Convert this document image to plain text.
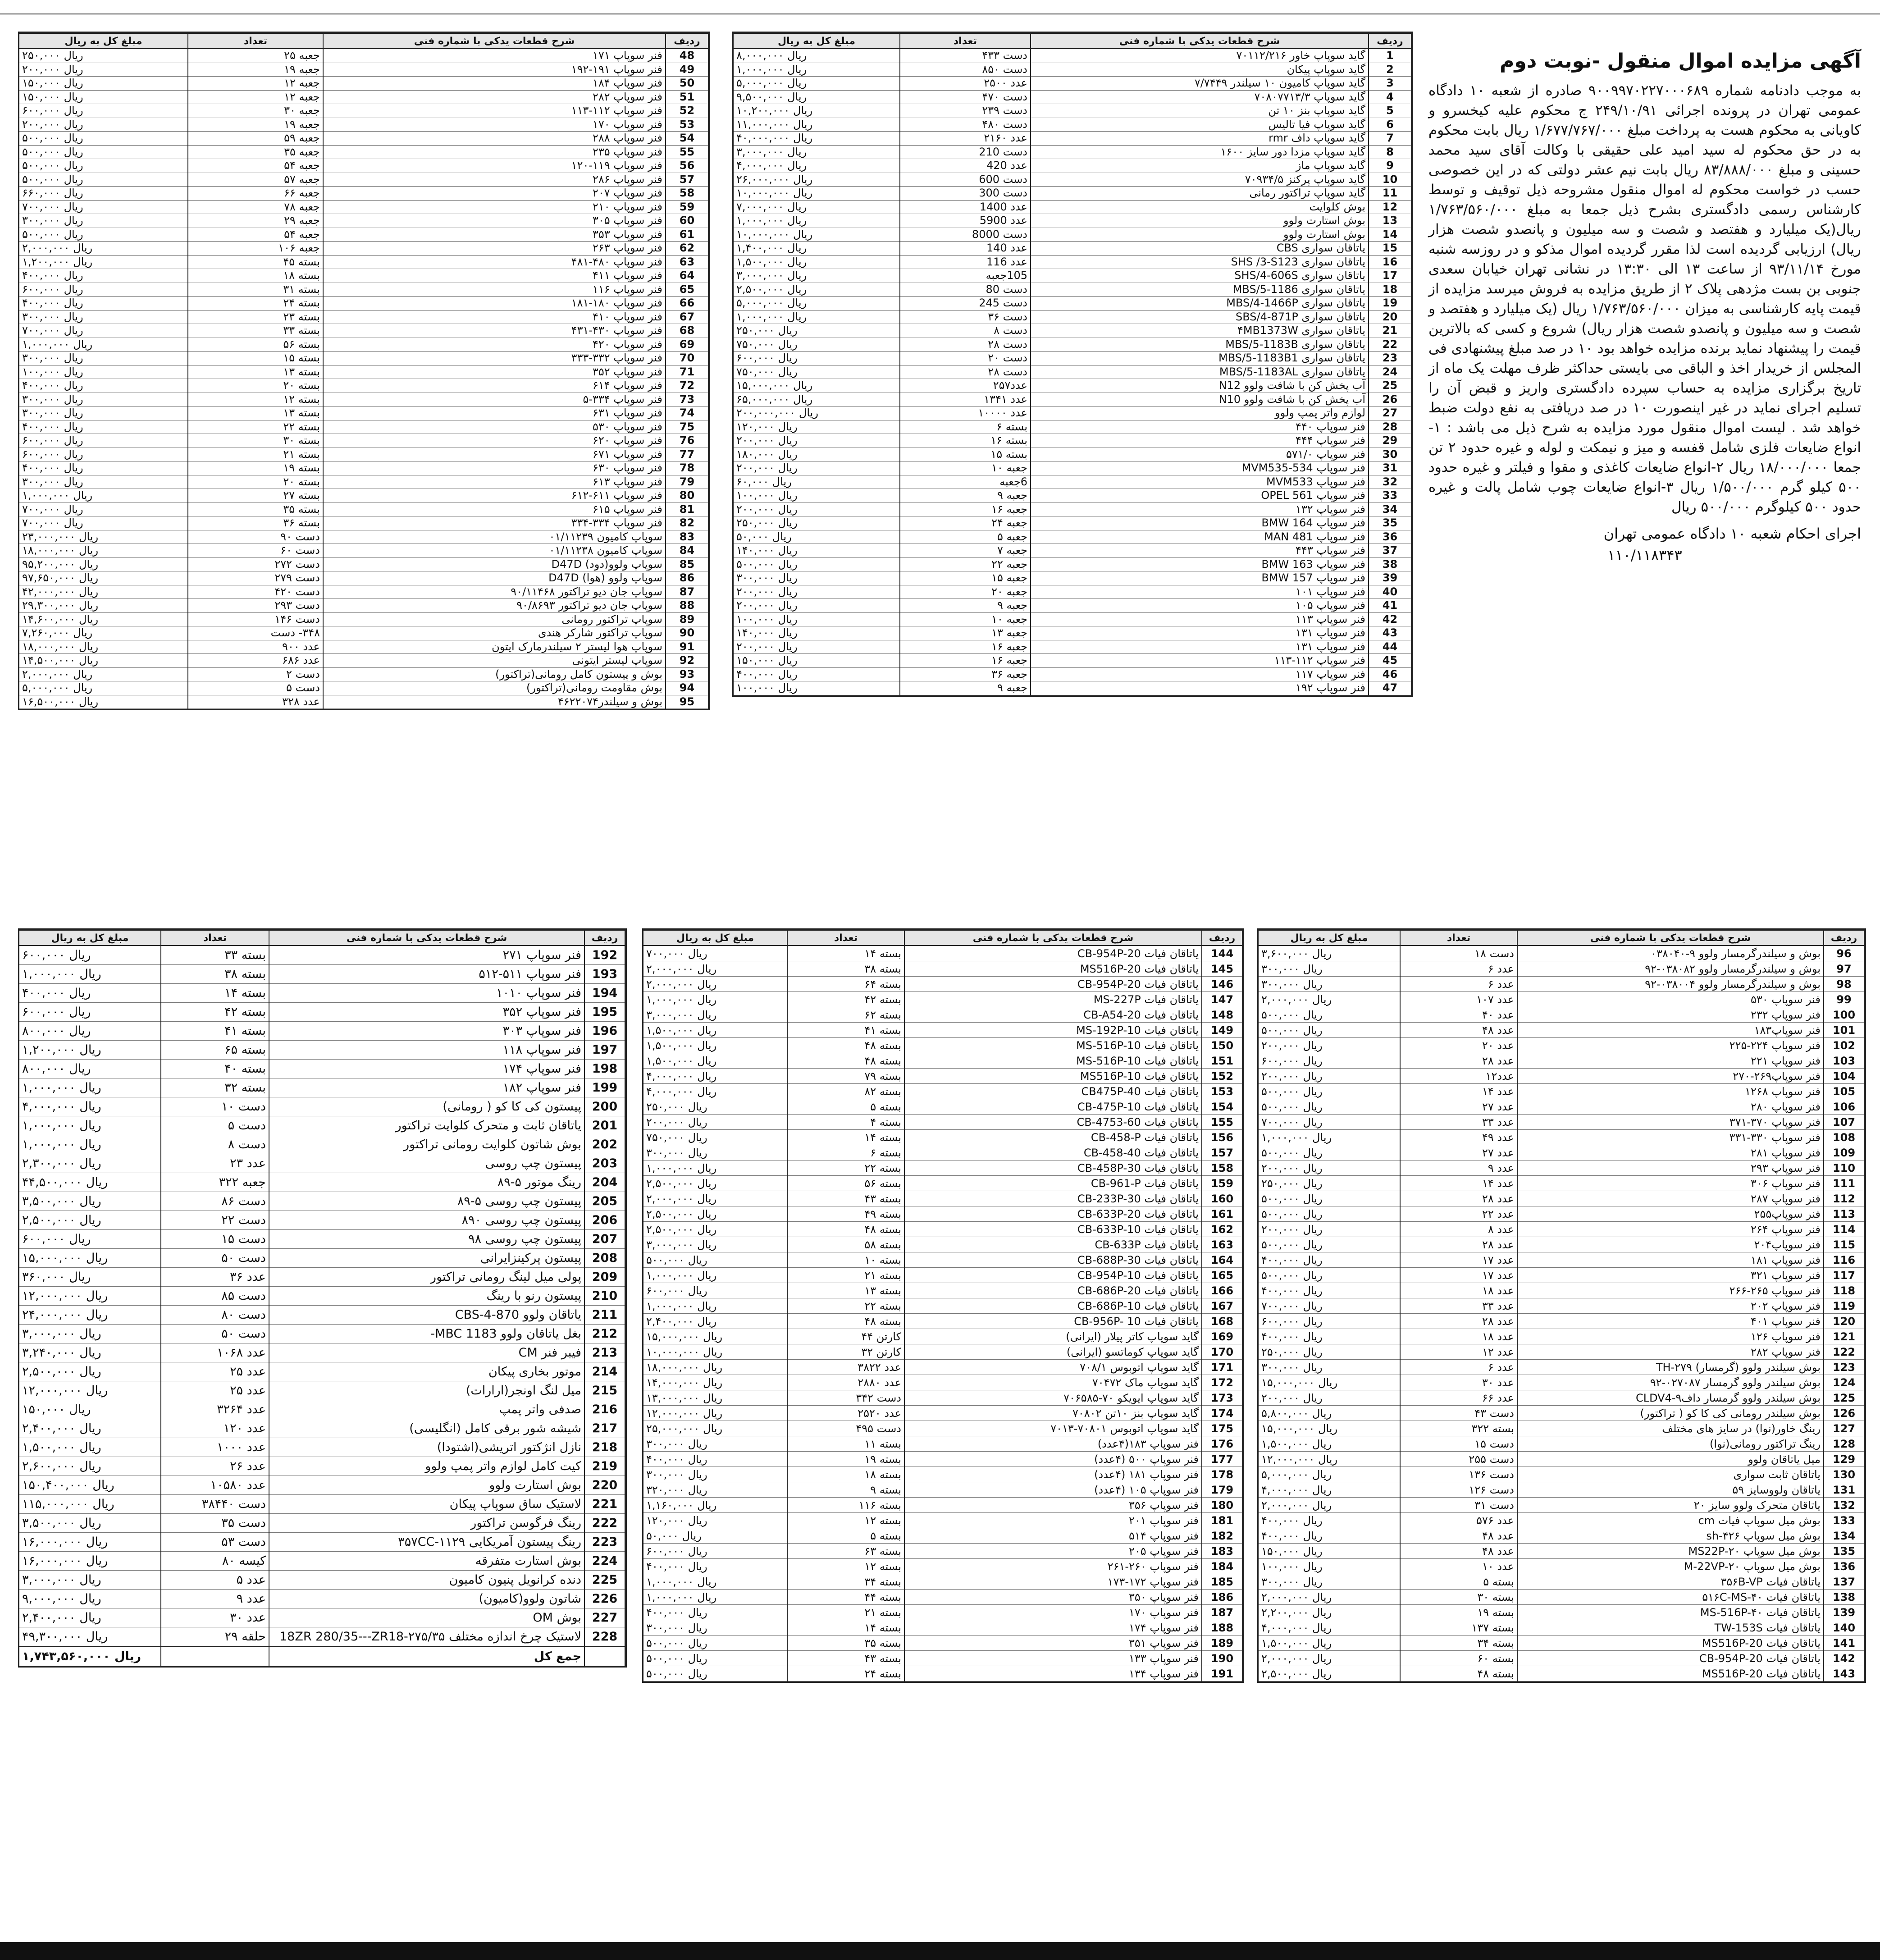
آگهی مزایده اموال منقول -نوبت دوم

به موجب دادنامه شماره ۹۰۰۹۹۷۰۲۲۷۰۰۰۶۸۹ صادره از شعبه ۱۰ دادگاه عمومی تهران در پرونده اجرائی ۲۴۹/۱۰/۹۱ ج محکوم علیه کیخسرو و کاویانی به محکوم هست به پرداخت مبلغ ۱/۶۷۷/۷۶۷/۰۰۰ ریال بابت محکوم به در حق محکوم له سید امید علی حقیقی با وکالت آقای سید محمد حسینی و مبلغ ۸۳/۸۸۸/۰۰۰ ریال بابت نیم عشر دولتی که در این خصوصی حسب در خواست محکوم له اموال منقول مشروحه ذیل توقیف و توسط کارشناس رسمی دادگستری بشرح ذیل جمعا به مبلغ ۱/۷۶۳/۵۶۰/۰۰۰ ریال(یک میلیارد و هفتصد و شصت و سه میلیون و پانصدو شصت هزار ریال) ارزیابی گردیده است لذا مقرر گردیده اموال مذکو و در روزسه شنبه مورخ ۹۳/۱۱/۱۴ از ساعت ۱۳ الی ۱۳:۳۰ در نشانی تهران خیابان سعدی جنوبی بن بست مژدهی پلاک ۲ از طریق مزایده به فروش میرسد مزایده از قیمت پایه کارشناسی به میزان ۱/۷۶۳/۵۶۰/۰۰۰ ریال (یک میلیارد و هفتصد و شصت و سه میلیون و پانصدو شصت هزار ریال) شروع و کسی که بالاترین قیمت را پیشنهاد نماید برنده مزایده خواهد بود ۱۰ در صد مبلغ پیشنهادی فی المجلس از خریدار اخذ و الباقی می بایستی حداکثر ظرف مهلت یک ماه از تاریخ برگزاری مزایده به حساب سپرده دادگستری واریز و قبض آن را تسلیم اجرای نماید در غیر اینصورت ۱۰ در صد دریافتی به نفع دولت ضبط خواهد شد . لیست اموال منقول مورد مزایده به شرح ذیل می باشد : ۱-انواع ضایعات فلزی شامل قفسه و میز و نیمکت و لوله و غیره حدود ۲ تن جمعا ۱۸/۰۰۰/۰۰۰ ریال ۲-انواع ضایعات کاغذی و مقوا و فیلتر و غیره حدود ۵۰۰ کیلو گرم ۱/۵۰۰/۰۰۰ ریال ۳-انواع ضایعات چوب شامل پالت و غیره حدود ۵۰۰ کیلوگرم ۵۰۰/۰۰۰ ریال

اجرای احکام شعبه ۱۰ دادگاه عمومی تهران
۱۱۰/۱۱۸۳۴۳
ردیف	شرح قطعات یدکی با شماره فنی	تعداد	مبلغ کل به ریال
1	گاید سوپاپ خاور ۷۰۱۱۲/۲۱۶	دست ۴۳۳	ریال ۸,۰۰۰,۰۰۰
2	گاید سوپاپ پیکان	دست ۸۵۰	ریال ۱,۰۰۰,۰۰۰
3	گاید سوپاپ کامیون ۱۰ سیلندر ۷/۷۴۴۹	عدد ۲۵۰۰	ریال ۵,۰۰۰,۰۰۰
4	گاید سوپاپ ۷۰۸۰۷۷۱۳/۳	دست ۴۷۰	ریال ۹,۵۰۰,۰۰۰
5	گاید سوپاپ بنز ۱۰ تن	دست ۲۳۹	ریال ۱۰,۲۰۰,۰۰۰
6	گاید سوپاپ فیا تالیس	دست ۴۸۰	ریال ۱۱,۰۰۰,۰۰۰
7	گاید سوپاپ داف rmr	عدد ۲۱۶۰	ریال ۴۰,۰۰۰,۰۰۰
8	گاید سوپاپ مزدا دور سایز ۱۶۰۰	دست 210	ریال ۳,۰۰۰,۰۰۰
9	گاید سوپاپ ماز	عدد 420	ریال ۴,۰۰۰,۰۰۰
10	گاید سوپاپ پرکنز ۷۰۹۳۴/۵	دست 600	ریال ۲۶,۰۰۰,۰۰۰
11	گاید سوپاپ تراکتور رمانی	دست 300	ریال ۱۰,۰۰۰,۰۰۰
12	بوش کلوایت	عدد 1400	ریال ۷,۰۰۰,۰۰۰
13	بوش استارت ولوو	عدد 5900	ریال ۱,۰۰۰,۰۰۰
14	بوش استارت ولوو	دست 8000	ریال ۱۰,۰۰۰,۰۰۰
15	یاتاقان سواری CBS	عدد 140	ریال ۱,۴۰۰,۰۰۰
16	یاتاقان سواری SHS /3-S123	عدد 116	ریال ۱,۵۰۰,۰۰۰
17	یاتاقان سواری SHS/4-606S	105جعبه	ریال ۳,۰۰۰,۰۰۰
18	یاتاقان سواری MBS/5-1186	دست 80	ریال ۲,۵۰۰,۰۰۰
19	یاتاقان سواری MBS/4-1466P	دست 245	ریال ۵,۰۰۰,۰۰۰
20	یاتاقان سواری SBS/4-871P	دست ۳۶	ریال ۱,۰۰۰,۰۰۰
21	یاتاقان سواری ۴MB1373W	دست ۸	ریال ۲۵۰,۰۰۰
22	یاتاقان سواری MBS/5-1183B	دست ۲۸	ریال ۷۵۰,۰۰۰
23	یاتاقان سواری MBS/5-1183B1	دست ۲۰	ریال ۶۰۰,۰۰۰
24	یاتاقان سواری MBS/5-1183AL	دست ۲۸	ریال ۷۵۰,۰۰۰
25	آب پخش کن با شافت ولوو N12	عدد۲۵۷	ریال ۱۵,۰۰۰,۰۰۰
26	آب پخش کن با شافت ولوو N10	عدد ۱۳۴۱	ریال ۶۵,۰۰۰,۰۰۰
27	لوازم واتر پمپ ولوو	عدد ۱۰۰۰۰	ریال ۲۰۰,۰۰۰,۰۰۰
28	فنر سوپاپ ۴۴۰	بسته ۶	ریال ۱۲۰,۰۰۰
29	فنر سوپاپ ۴۴۴	بسته ۱۶	ریال ۲۰۰,۰۰۰
30	فنر سوپاپ ۵۷۱/۰	بسته ۱۵	ریال ۱۸۰,۰۰۰
31	فنر سوپاپ MVM535-534	جعبه ۱۰	ریال ۲۰۰,۰۰۰
32	فنر سوپاپ MVM533	6جعبه	ریال ۶۰,۰۰۰
33	فنر سوپاپ OPEL 561	جعبه ۹	ریال ۱۰۰,۰۰۰
34	فنر سوپاپ ۱۳۲	جعبه ۱۶	ریال ۲۰۰,۰۰۰
35	فنر سوپاپ BMW 164	جعبه ۲۴	ریال ۲۵۰,۰۰۰
36	فنر سوپاپ MAN 481	جعبه ۵	ریال ۵۰,۰۰۰
37	فنر سوپاپ ۴۴۳	جعبه ۷	ریال ۱۴۰,۰۰۰
38	فنر سوپاپ BMW 163	جعبه ۲۲	ریال ۵۰۰,۰۰۰
39	فنر سوپاپ BMW 157	جعبه ۱۵	ریال ۳۰۰,۰۰۰
40	فنر سوپاپ ۱۰۱	جعبه ۲۰	ریال ۲۰۰,۰۰۰
41	فنر سوپاپ ۱۰۵	جعبه ۹	ریال ۲۰۰,۰۰۰
42	فنر سوپاپ ۱۱۳	جعبه ۱۰	ریال ۱۰۰,۰۰۰
43	فنر سوپاپ ۱۳۱	جعبه ۱۳	ریال ۱۴۰,۰۰۰
44	فنر سوپاپ ۱۳۱	جعبه ۱۶	ریال ۲۰۰,۰۰۰
45	فنر سوپاپ ۱۱۲-۱۱۳	جعبه ۱۶	ریال ۱۵۰,۰۰۰
46	فنر سوپاپ ۱۱۷	جعبه ۳۶	ریال ۴۰۰,۰۰۰
47	فنر سوپاپ ۱۹۲	جعبه ۹	ریال ۱۰۰,۰۰۰
ردیف	شرح قطعات یدکی با شماره فنی	تعداد	مبلغ کل به ریال
48	فنر سوپاپ ۱۷۱	جعبه ۲۵	ریال ۲۵۰,۰۰۰
49	فنر سوپاپ ۱۹۱-۱۹۲	جعبه ۱۹	ریال ۲۰۰,۰۰۰
50	فنر سوپاپ ۱۸۴	جعبه ۱۲	ریال ۱۵۰,۰۰۰
51	فنر سوپاپ ۲۸۲	جعبه ۱۲	ریال ۱۵۰,۰۰۰
52	فنر سوپاپ ۱۱۲-۱۱۳	جعبه ۳۰	ریال ۶۰۰,۰۰۰
53	فنر سوپاپ ۱۷۰	جعبه ۱۹	ریال ۲۰۰,۰۰۰
54	فنر سوپاپ ۲۸۸	جعبه ۵۹	ریال ۵۰۰,۰۰۰
55	فنر سوپاپ ۲۳۵	جعبه ۳۵	ریال ۵۰۰,۰۰۰
56	فنر سوپاپ ۱۱۹-۱۲۰	جعبه ۵۴	ریال ۵۰۰,۰۰۰
57	فنر سوپاپ ۲۸۶	جعبه ۵۷	ریال ۵۰۰,۰۰۰
58	فنر سوپاپ ۲۰۷	جعبه ۶۶	ریال ۶۶۰,۰۰۰
59	فنر سوپاپ ۲۱۰	جعبه ۷۸	ریال ۷۰۰,۰۰۰
60	فنر سوپاپ ۳۰۵	جعبه ۲۹	ریال ۳۰۰,۰۰۰
61	فنر سوپاپ ۳۵۳	جعبه ۵۴	ریال ۵۰۰,۰۰۰
62	فنر سوپاپ ۲۶۳	جعبه ۱۰۶	ریال ۲,۰۰۰,۰۰۰
63	فنر سوپاپ ۴۸۰-۴۸۱	بسته ۴۵	ریال ۱,۲۰۰,۰۰۰
64	فنر سوپاپ ۴۱۱	بسته ۱۸	ریال ۴۰۰,۰۰۰
65	فنر سوپاپ ۱۱۶	بسته ۳۱	ریال ۶۰۰,۰۰۰
66	فنر سوپاپ ۱۸۰-۱۸۱	بسته ۲۴	ریال ۴۰۰,۰۰۰
67	فنر سوپاپ ۴۱۰	بسته ۲۳	ریال ۳۰۰,۰۰۰
68	فنر سوپاپ ۴۳۰-۴۳۱	بسته ۳۳	ریال ۷۰۰,۰۰۰
69	فنر سوپاپ ۴۲۰	بسته ۵۶	ریال ۱,۰۰۰,۰۰۰
70	فنر سوپاپ ۳۳۲-۳۳۳	بسته ۱۵	ریال ۳۰۰,۰۰۰
71	فنر سوپاپ ۳۵۲	بسته ۱۳	ریال ۱۰۰,۰۰۰
72	فنر سوپاپ ۶۱۴	بسته ۲۰	ریال ۴۰۰,۰۰۰
73	فنر سوپاپ ۳۳۴-۵	بسته ۱۲	ریال ۳۰۰,۰۰۰
74	فنر سوپاپ ۶۳۱	بسته ۱۳	ریال ۳۰۰,۰۰۰
75	فنر سوپاپ ۵۳۰	بسته ۲۲	ریال ۴۰۰,۰۰۰
76	فنر سوپاپ ۶۲۰	بسته ۳۰	ریال ۶۰۰,۰۰۰
77	فنر سوپاپ ۶۷۱	بسته ۲۱	ریال ۶۰۰,۰۰۰
78	فنر سوپاپ ۶۳۰	بسته ۱۹	ریال ۴۰۰,۰۰۰
79	فنر سوپاپ ۶۱۳	بسته ۲۰	ریال ۳۰۰,۰۰۰
80	فنر سوپاپ ۶۱۱-۶۱۲	بسته ۲۷	ریال ۱,۰۰۰,۰۰۰
81	فنر سوپاپ ۶۱۵	بسته ۳۵	ریال ۷۰۰,۰۰۰
82	فنر سوپاپ ۳۳۴-۳۳۴	بسته ۳۶	ریال ۷۰۰,۰۰۰
83	سوپاپ کامیون ۰۱/۱۱۲۳۹	دست ۹۰	ریال ۲۳,۰۰۰,۰۰۰
84	سوپاپ کامیون ۰۱/۱۱۲۳۸	دست ۶۰	ریال ۱۸,۰۰۰,۰۰۰
85	سوپاپ ولوو(دود) D47D	دست ۲۷۲	ریال ۹۵,۲۰۰,۰۰۰
86	سوپاپ ولوو (هوا) D47D	دست ۲۷۹	ریال ۹۷,۶۵۰,۰۰۰
87	سوپاپ جان دیو تراکتور ۹۰/۱۱۴۶۸	دست ۴۲۰	ریال ۴۲,۰۰۰,۰۰۰
88	سوپاپ جان دیو تراکتور ۹۰/۸۶۹۳	دست ۲۹۳	ریال ۲۹,۳۰۰,۰۰۰
89	سوپاپ تراکتور رومانی	دست ۱۴۶	ریال ۱۴,۶۰۰,۰۰۰
90	سوپاپ تراکتور شارکر هندی	۳۴۸- دست	ریال ۷,۲۶۰,۰۰۰
91	سوپاپ هوا لیستر ۲ سیلندرمارک ایتون	عدد ۹۰۰	ریال ۱۸,۰۰۰,۰۰۰
92	سوپاپ لیستر ایتونی	عدد ۶۸۶	ریال ۱۴,۵۰۰,۰۰۰
93	بوش و پیستون کامل رومانی(تراکتور)	دست ۲	ریال ۲,۰۰۰,۰۰۰
94	بوش مقاومت رومانی(تراکتور)	دست ۵	ریال ۵,۰۰۰,۰۰۰
95	بوش و سیلندر۴۶۲۲۰۷۴	عدد ۳۲۸	ریال ۱۶,۵۰۰,۰۰۰
ردیف	شرح قطعات یدکی با شماره فنی	تعداد	مبلغ کل به ریال
96	بوش و سیلندرگرمسار ولوو ۹-۰۳۸۰۴۰	دست ۱۸	ریال ۳,۶۰۰,۰۰۰
97	بوش و سیلندرگرمسار ولوو ۰۳۸۰۸۲-۹۲	عدد ۶	ریال ۳۰۰,۰۰۰
98	بوش و سیلندرگرمسار ولوو ۰۳۸۰۰۴-۹۲	عدد ۶	ریال ۳۰۰,۰۰۰
99	فنر سوپاپ ۵۳۰	عدد ۱۰۷	ریال ۲,۰۰۰,۰۰۰
100	فنر سوپاپ ۲۳۲	عدد ۴۰	ریال ۵۰۰,۰۰۰
101	فنر سوپاپ۱۸۳	عدد ۴۸	ریال ۵۰۰,۰۰۰
102	فنر سوپاپ ۲۲۴-۲۲۵	عدد ۲۰	ریال ۲۰۰,۰۰۰
103	فنر سوپاپ ۲۲۱	عدد ۲۸	ریال ۶۰۰,۰۰۰
104	فنر سوپاپ۲۶۹-۲۷۰	عدد۱۲	ریال ۲۰۰,۰۰۰
105	فنر سوپاپ ۱۲۶۸	عدد ۱۴	ریال ۵۰۰,۰۰۰
106	فنر سوپاپ ۲۸۰	عدد ۲۷	ریال ۵۰۰,۰۰۰
107	فنر سوپاپ ۳۷۰-۳۷۱	عدد ۳۳	ریال ۷۰۰,۰۰۰
108	فنر سوپاپ ۳۳۰-۳۳۱	عدد ۴۹	ریال ۱,۰۰۰,۰۰۰
109	فنر سوپاپ ۲۸۱	عدد ۲۷	ریال ۵۰۰,۰۰۰
110	فنر سوپاپ ۲۹۳	عدد ۹	ریال ۲۰۰,۰۰۰
111	فنر سوپاپ ۳۰۶	عدد ۱۴	ریال ۲۵۰,۰۰۰
112	فنر سوپاپ ۲۸۷	عدد ۲۸	ریال ۵۰۰,۰۰۰
113	فنر سوپاپ۲۵۵	عدد ۲۲	ریال ۵۰۰,۰۰۰
114	فنر سوپاپ ۲۶۴	عدد ۸	ریال ۲۰۰,۰۰۰
115	فنر سوپاپ۲۰۴	عدد ۲۸	ریال ۵۰۰,۰۰۰
116	فنر سوپاپ ۱۸۱	عدد ۱۷	ریال ۴۰۰,۰۰۰
117	فنر سوپاپ ۳۲۱	عدد ۱۷	ریال ۵۰۰,۰۰۰
118	فنر سوپاپ ۲۶۵-۲۶۶	عدد ۱۸	ریال ۴۰۰,۰۰۰
119	فنر سوپاپ ۲۰۲	عدد ۳۳	ریال ۷۰۰,۰۰۰
120	فنر سوپاپ ۴۰۱	عدد ۲۸	ریال ۶۰۰,۰۰۰
121	فنر سوپاپ ۱۲۶	عدد ۱۸	ریال ۴۰۰,۰۰۰
122	فنر سوپاپ ۲۸۲	عدد ۱۲	ریال ۲۵۰,۰۰۰
123	بوش سیلندر ولوو (گرمسار) TH-۲۷۹	عدد ۶	ریال ۳۰۰,۰۰۰
124	بوش سیلندر ولوو گرمسار ۰۲۷۰۸۷-۹۲	عدد ۳۰	ریال ۱۵,۰۰۰,۰۰۰
125	بوش سیلندر ولوو گرمسار داف۹-CLDV4	عدد ۶۶	ریال ۲۰۰,۰۰۰
126	بوش سیلندر رومانی کی کا کو ( تراکتور)	دست ۴۳	ریال ۵,۸۰۰,۰۰۰
127	رینگ خاور(نوا) در سایز های مختلف	بسته ۳۲۲	ریال ۱۵,۰۰۰,۰۰۰
128	رینگ تراکتور رومانی(نوا)	دست ۱۵	ریال ۱,۵۰۰,۰۰۰
129	میل یاتاقان ولوو	دست ۲۵۵	ریال ۱۲,۰۰۰,۰۰۰
130	یاتاقان ثابت سواری	دست ۱۳۶	ریال ۵,۰۰۰,۰۰۰
131	یاتاقان ولووسایز ۵۹	دست ۱۲۶	ریال ۴,۰۰۰,۰۰۰
132	یاتاقان متحرک ولوو سایز ۲۰	دست ۳۱	ریال ۲,۰۰۰,۰۰۰
133	بوش میل سوپاپ فیات cm	عدد ۵۷۶	ریال ۴۰۰,۰۰۰
134	بوش میل سوپاپ sh-۴۲۶	عدد ۴۸	ریال ۴۰۰,۰۰۰
135	بوش میل سوپاپ MS22P-۲۰	عدد ۴۸	ریال ۱۵۰,۰۰۰
136	بوش میل سوپاپ M-22VP-۲۰	عدد ۱۰	ریال ۱۰۰,۰۰۰
137	یاتاقان فیات ۳۵۶B-VP	بسته ۵	ریال ۳۰۰,۰۰۰
138	یاتاقان فیات ۵۱۶C-MS-۴۰	بسته ۳۰	ریال ۲,۰۰۰,۰۰۰
139	یاتاقان فیات MS-516P-۴۰	بسته ۱۹	ریال ۲,۲۰۰,۰۰۰
140	یاتاقان فیات TW-153S	بسته ۱۳۷	ریال ۴,۰۰۰,۰۰۰
141	یاتاقان فیات MS516P-20	بسته ۳۴	ریال ۱,۵۰۰,۰۰۰
142	یاتاقان فیات CB-954P-20	بسته ۶۰	ریال ۲,۰۰۰,۰۰۰
143	یاتاقان فیات MS516P-20	بسته ۴۸	ریال ۲,۵۰۰,۰۰۰
ردیف	شرح قطعات یدکی با شماره فنی	تعداد	مبلغ کل به ریال
144	یاتاقان فیات CB-954P-20	بسته ۱۴	ریال ۷۰۰,۰۰۰
145	یاتاقان فیات MS516P-20	بسته ۳۸	ریال ۲,۰۰۰,۰۰۰
146	یاتاقان فیات CB-954P-20	بسته ۶۴	ریال ۲,۰۰۰,۰۰۰
147	یاتاقان فیات MS-227P	بسته ۴۲	ریال ۱,۰۰۰,۰۰۰
148	یاتاقان فیات CB-A54-20	بسته ۶۲	ریال ۳,۰۰۰,۰۰۰
149	یاتاقان فیات MS-192P-10	بسته ۴۱	ریال ۱,۵۰۰,۰۰۰
150	یاتاقان فیات MS-516P-10	بسته ۴۸	ریال ۱,۵۰۰,۰۰۰
151	یاتاقان فیات MS-516P-10	بسته ۴۸	ریال ۱,۵۰۰,۰۰۰
152	یاتاقان فیات MS516P-10	بسته ۷۹	ریال ۴,۰۰۰,۰۰۰
153	یاتاقان فیات CB475P-40	بسته ۸۲	ریال ۴,۰۰۰,۰۰۰
154	یاتاقان فیات CB-475P-10	بسته ۵	ریال ۲۵۰,۰۰۰
155	یاتاقان فیات CB-4753-60	بسته ۴	ریال ۲۰۰,۰۰۰
156	یاتاقان فیات CB-458-P	بسته ۱۴	ریال ۷۵۰,۰۰۰
157	یاتاقان فیات CB-458-40	بسته ۶	ریال ۳۰۰,۰۰۰
158	یاتاقان فیات CB-458P-30	بسته ۲۲	ریال ۱,۰۰۰,۰۰۰
159	یاتاقان فیات CB-961-P	بسته ۵۶	ریال ۲,۵۰۰,۰۰۰
160	یاتاقان فیات CB-233P-30	بسته ۴۳	ریال ۲,۰۰۰,۰۰۰
161	یاتاقان فیات CB-633P-20	بسته ۴۹	ریال ۲,۵۰۰,۰۰۰
162	یاتاقان فیات CB-633P-10	بسته ۴۸	ریال ۲,۵۰۰,۰۰۰
163	یاتاقان فیات CB-633P	بسته ۵۸	ریال ۳,۰۰۰,۰۰۰
164	یاتاقان فیات CB-688P-30	بسته ۱۰	ریال ۵۰۰,۰۰۰
165	یاتاقان فیات CB-954P-10	بسته ۲۱	ریال ۱,۰۰۰,۰۰۰
166	یاتاقان فیات CB-686P-20	بسته ۱۳	ریال ۶۰۰,۰۰۰
167	یاتاقان فیات CB-686P-10	بسته ۲۲	ریال ۱,۰۰۰,۰۰۰
168	یاتاقان فیات CB-956P- 10	بسته ۴۸	ریال ۲,۴۰۰,۰۰۰
169	گاید سوپاپ کاتر پیلار (ایرانی)	کارتن ۴۴	ریال ۱۵,۰۰۰,۰۰۰
170	گاید سوپاپ کوماتسو (ایرانی)	کارتن ۳۲	ریال ۱۰,۰۰۰,۰۰۰
171	گاید سوپاپ اتوبوس ۷۰۸/۱	عدد ۳۸۲۲	ریال ۱۸,۰۰۰,۰۰۰
172	گاید سوپاپ ماک ۷۰۴۷۲	عدد ۲۸۸۰	ریال ۱۴,۰۰۰,۰۰۰
173	گاید سوپاپ ایویکو ۷۰-۷۰۶۵۸۵	دست ۳۴۲	ریال ۱۳,۰۰۰,۰۰۰
174	گاید سوپاپ بنز ۱۰تن ۷۰۸۰۲	عدد ۲۵۲۰	ریال ۱۲,۰۰۰,۰۰۰
175	گاید سوپاپ اتوبوس ۷۰۸۰۱-۷۰۱۳	دست ۴۹۵	ریال ۲۵,۰۰۰,۰۰۰
176	فنر سوپاپ ۱۸۳(۴عدد)	بسته ۱۱	ریال ۳۰۰,۰۰۰
177	فنر سوپاپ ۵۰۰ (۴عدد)	بسته ۱۹	ریال ۴۰۰,۰۰۰
178	فنر سوپاپ ۱۸۱ (۴عدد)	بسته ۱۸	ریال ۳۰۰,۰۰۰
179	فنر سوپاپ ۱۰۵ (۴عدد)	بسته ۹	ریال ۳۲۰,۰۰۰
180	فنر سوپاپ ۳۵۶	بسته ۱۱۶	ریال ۱,۱۶۰,۰۰۰
181	فنر سوپاپ ۲۰۱	بسته ۱۲	ریال ۱۲۰,۰۰۰
182	فنر سوپاپ ۵۱۴	بسته ۵	ریال ۵۰,۰۰۰
183	فنر سوپاپ ۲۰۵	بسته ۶۳	ریال ۶۰۰,۰۰۰
184	فنر سوپاپ ۲۶۰-۲۶۱	بسته ۱۲	ریال ۴۰۰,۰۰۰
185	فنر سوپاپ ۱۷۲-۱۷۳	بسته ۳۴	ریال ۱,۰۰۰,۰۰۰
186	فنر سوپاپ ۳۵۰	بسته ۴۴	ریال ۱,۰۰۰,۰۰۰
187	فنر سوپاپ ۱۷۰	بسته ۲۱	ریال ۴۰۰,۰۰۰
188	فنر سوپاپ ۱۷۴	بسته ۱۴	ریال ۳۰۰,۰۰۰
189	فنر سوپاپ ۳۵۱	بسته ۳۵	ریال ۵۰۰,۰۰۰
190	فنر سوپاپ ۱۳۳	بسته ۴۳	ریال ۵۰۰,۰۰۰
191	فنر سوپاپ ۱۳۴	بسته ۲۴	ریال ۵۰۰,۰۰۰
ردیف	شرح قطعات یدکی با شماره فنی	تعداد	مبلغ کل به ریال
192	فنر سوپاپ ۲۷۱	بسته ۳۳	ریال ۶۰۰,۰۰۰
193	فنر سوپاپ ۵۱۱-۵۱۲	بسته ۳۸	ریال ۱,۰۰۰,۰۰۰
194	فنر سوپاپ ۱۰۱۰	بسته ۱۴	ریال ۴۰۰,۰۰۰
195	فنر سوپاپ ۳۵۲	بسته ۴۲	ریال ۶۰۰,۰۰۰
196	فنر سوپاپ ۳۰۳	بسته ۴۱	ریال ۸۰۰,۰۰۰
197	فنر سوپاپ ۱۱۸	بسته ۶۵	ریال ۱,۲۰۰,۰۰۰
198	فنر سوپاپ ۱۷۴	بسته ۴۰	ریال ۸۰۰,۰۰۰
199	فنر سوپاپ ۱۸۲	بسته ۳۲	ریال ۱,۰۰۰,۰۰۰
200	پیستون کی کا کو ( رومانی)	دست ۱۰	ریال ۴,۰۰۰,۰۰۰
201	یاتاقان ثابت و متحرک کلوایت تراکتور	دست ۵	ریال ۱,۰۰۰,۰۰۰
202	بوش شاتون کلوایت رومانی تراکتور	دست ۸	ریال ۱,۰۰۰,۰۰۰
203	پیستون چپ روسی	عدد ۲۳	ریال ۲,۳۰۰,۰۰۰
204	رینگ موتور ۵-۸۹	جعبه ۳۲۲	ریال ۴۴,۵۰۰,۰۰۰
205	پیستون چپ روسی ۵-۸۹	دست ۸۶	ریال ۳,۵۰۰,۰۰۰
206	پیستون چپ روسی ۸۹۰	دست ۲۲	ریال ۲,۵۰۰,۰۰۰
207	پیستون چپ روسی ۹۸	دست ۱۵	ریال ۶۰۰,۰۰۰
208	پیستون پرکینزایرانی	دست ۵۰	ریال ۱۵,۰۰۰,۰۰۰
209	پولی میل لینگ رومانی تراکتور	عدد ۳۶	ریال ۳۶۰,۰۰۰
210	پیستون رنو با رینگ	دست ۸۵	ریال ۱۲,۰۰۰,۰۰۰
211	یاتاقان ولوو CBS-4-870	دست ۸۰	ریال ۲۴,۰۰۰,۰۰۰
212	بغل یاتاقان ولوو MBC 1183-	دست ۵۰	ریال ۳,۰۰۰,۰۰۰
213	فیبر فنر CM	عدد ۱۰۶۸	ریال ۳,۲۴۰,۰۰۰
214	موتور بخاری پیکان	عدد ۲۵	ریال ۲,۵۰۰,۰۰۰
215	میل لنگ اونجر(ارارات)	عدد ۲۵	ریال ۱۲,۰۰۰,۰۰۰
216	صدفی واتر پمپ	عدد ۳۲۶۴	ریال ۱۵۰,۰۰۰
217	شیشه شور برقی کامل (انگلیسی)	عدد ۱۲۰	ریال ۲,۴۰۰,۰۰۰
218	نازل انژکتور اتریشی(اشتودا)	عدد ۱۰۰۰	ریال ۱,۵۰۰,۰۰۰
219	کیت کامل لوازم واتر پمپ ولوو	عدد ۲۶	ریال ۲,۶۰۰,۰۰۰
220	بوش استارت ولوو	عدد ۱۰۵۸۰	ریال ۱۵۰,۴۰۰,۰۰۰
221	لاستیک ساق سوپاپ پیکان	دست ۳۸۴۴۰	ریال ۱۱۵,۰۰۰,۰۰۰
222	رینگ فرگوسن تراکتور	دست ۳۵	ریال ۳,۵۰۰,۰۰۰
223	رینگ پیستون آمریکایی ۱۱۲۹-۳۵۷CC	دست ۵۳	ریال ۱۶,۰۰۰,۰۰۰
224	بوش استارت متفرقه	کیسه ۸۰	ریال ۱۶,۰۰۰,۰۰۰
225	دنده کرانویل پنیون کامیون	عدد ۵	ریال ۳,۰۰۰,۰۰۰
226	شاتون ولوو(کامیون)	عدد ۹	ریال ۹,۰۰۰,۰۰۰
227	بوش OM	عدد ۳۰	ریال ۲,۴۰۰,۰۰۰
228	لاستیک چرخ اندازه مختلف 18ZR 280/35---ZR18-۲۷۵/۳۵	حلقه ۲۹	ریال ۴۹,۳۰۰,۰۰۰
	جمع کل		ریال ۱,۷۴۳,۵۶۰,۰۰۰
